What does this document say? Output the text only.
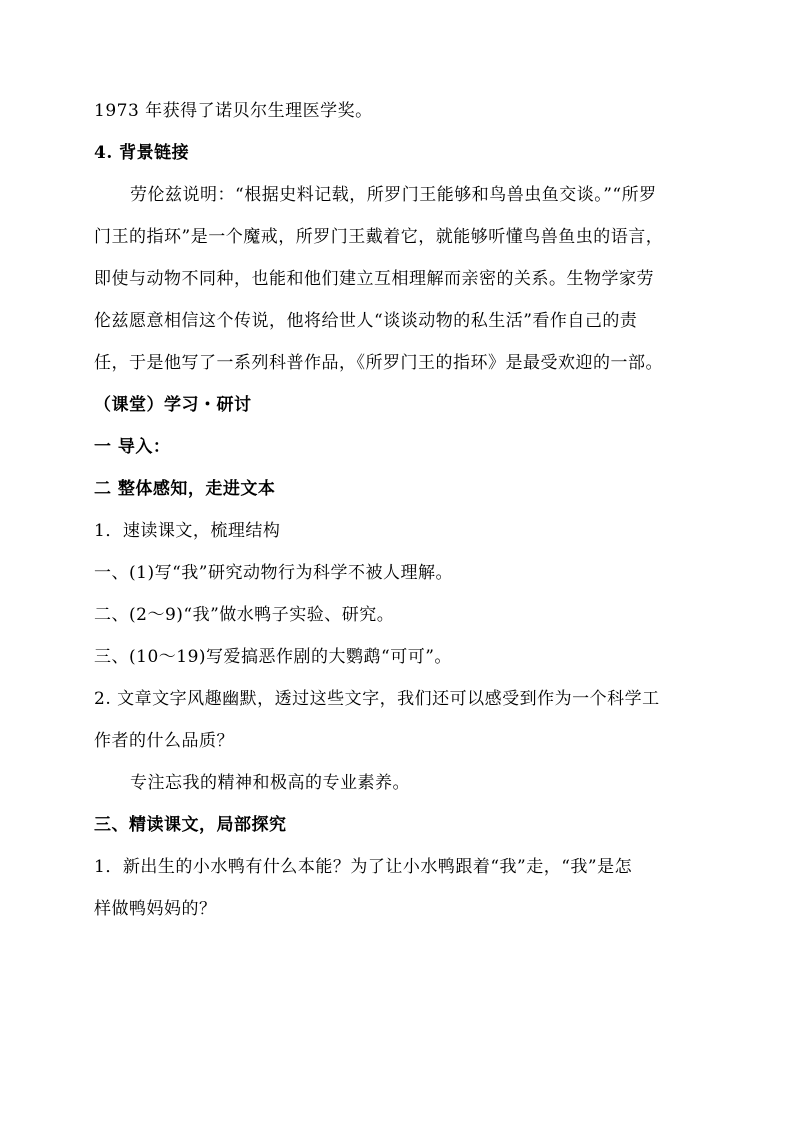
1973 年获得了诺贝尔生理医学奖。
4. 背景链接
劳伦兹说明：“根据史料记载，所罗门王能够和鸟兽虫鱼交谈。”“所罗
门王的指环”是一个魔戒，所罗门王戴着它，就能够听懂鸟兽鱼虫的语言，
即使与动物不同种，也能和他们建立互相理解而亲密的关系。生物学家劳
伦兹愿意相信这个传说，他将给世人“谈谈动物的私生活”看作自己的责
任，于是他写了一系列科普作品，《所罗门王的指环》是最受欢迎的一部。
（课堂）学习・研讨
一 导入：
二 整体感知，走进文本
1．速读课文，梳理结构
一、(1)写“我”研究动物行为科学不被人理解。
二、(2～9)“我”做水鸭子实验、研究。
三、(10～19)写爱搞恶作剧的大鹦鹉“可可”。
2. 文章文字风趣幽默，透过这些文字，我们还可以感受到作为一个科学工
作者的什么品质？
专注忘我的精神和极高的专业素养。
三、精读课文，局部探究
1．新出生的小水鸭有什么本能？为了让小水鸭跟着“我”走，“我”是怎
样做鸭妈妈的？
